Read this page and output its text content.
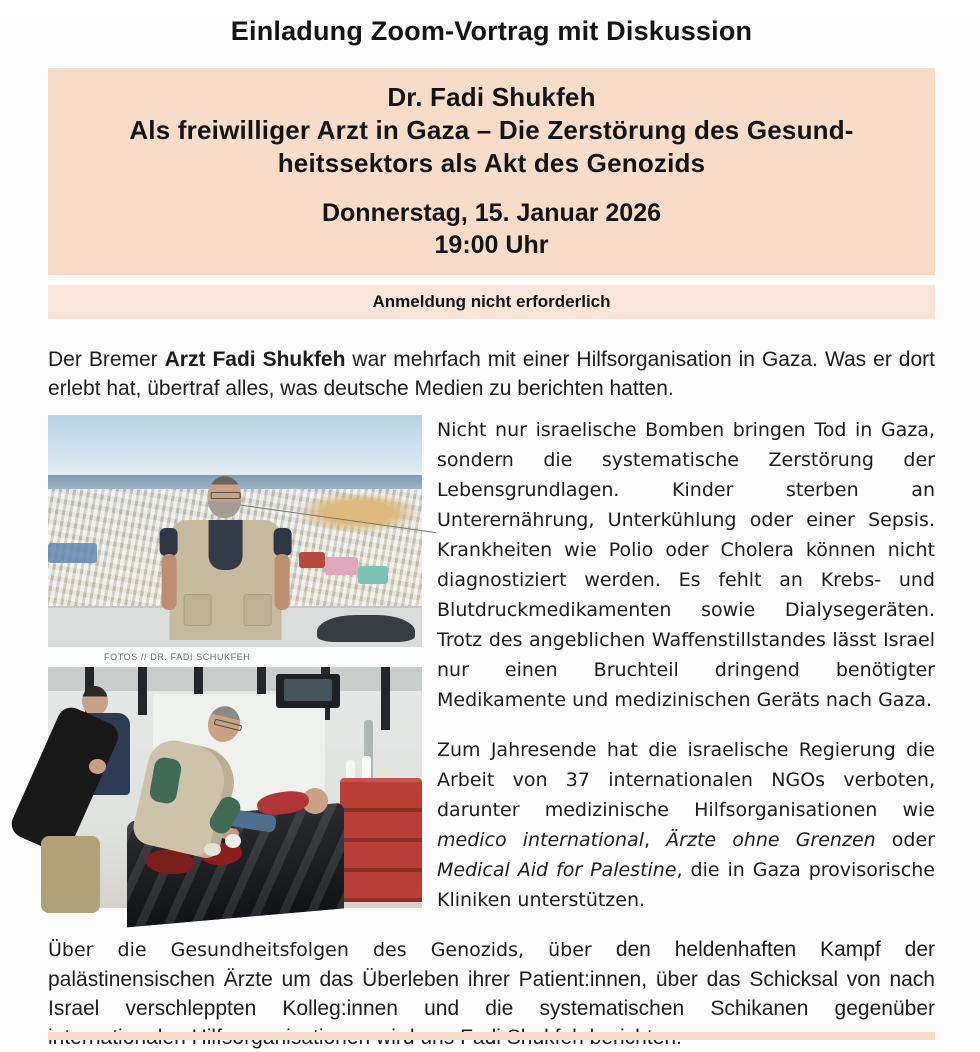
Einladung Zoom-Vortrag mit Diskussion
Dr. Fadi Shukfeh
Als freiwilliger Arzt in Gaza – Die Zerstörung des Gesund-
heitssektors als Akt des Genozids
Donnerstag, 15. Januar 2026
19:00 Uhr
Anmeldung nicht erforderlich

Der Bremer Arzt Fadi Shukfeh war mehrfach mit einer Hilfsorganisation in Gaza. Was er dort erlebt hat, übertraf alles, was deutsche Medien zu berichten hatten.

FOTOS // DR. FADI SCHUKFEH

Nicht nur israelische Bomben bringen Tod in Gaza, sondern die systematische Zerstörung der Lebensgrundlagen. Kinder sterben an Unterernährung, Unterkühlung oder einer Sepsis. Krankheiten wie Polio oder Cholera können nicht diagnostiziert werden. Es fehlt an Krebs- und Blutdruckmedikamenten sowie Dialysegeräten. Trotz des angeblichen Waffenstillstandes lässt Israel nur einen Bruchteil dringend benötigter Medikamente und medizinischen Geräts nach Gaza.

Zum Jahresende hat die israelische Regierung die Arbeit von 37 internationalen NGOs verboten, darunter medizinische Hilfsorganisationen wie medico international, Ärzte ohne Grenzen oder Medical Aid for Palestine, die in Gaza provisorische Kliniken unterstützen.

Über die Gesundheitsfolgen des Genozids, über den heldenhaften Kampf der palästinensischen Ärzte um das Überleben ihrer Patient:innen, über das Schicksal von nach Israel verschleppten Kolleg:innen und die systematischen Schikanen gegenüber
